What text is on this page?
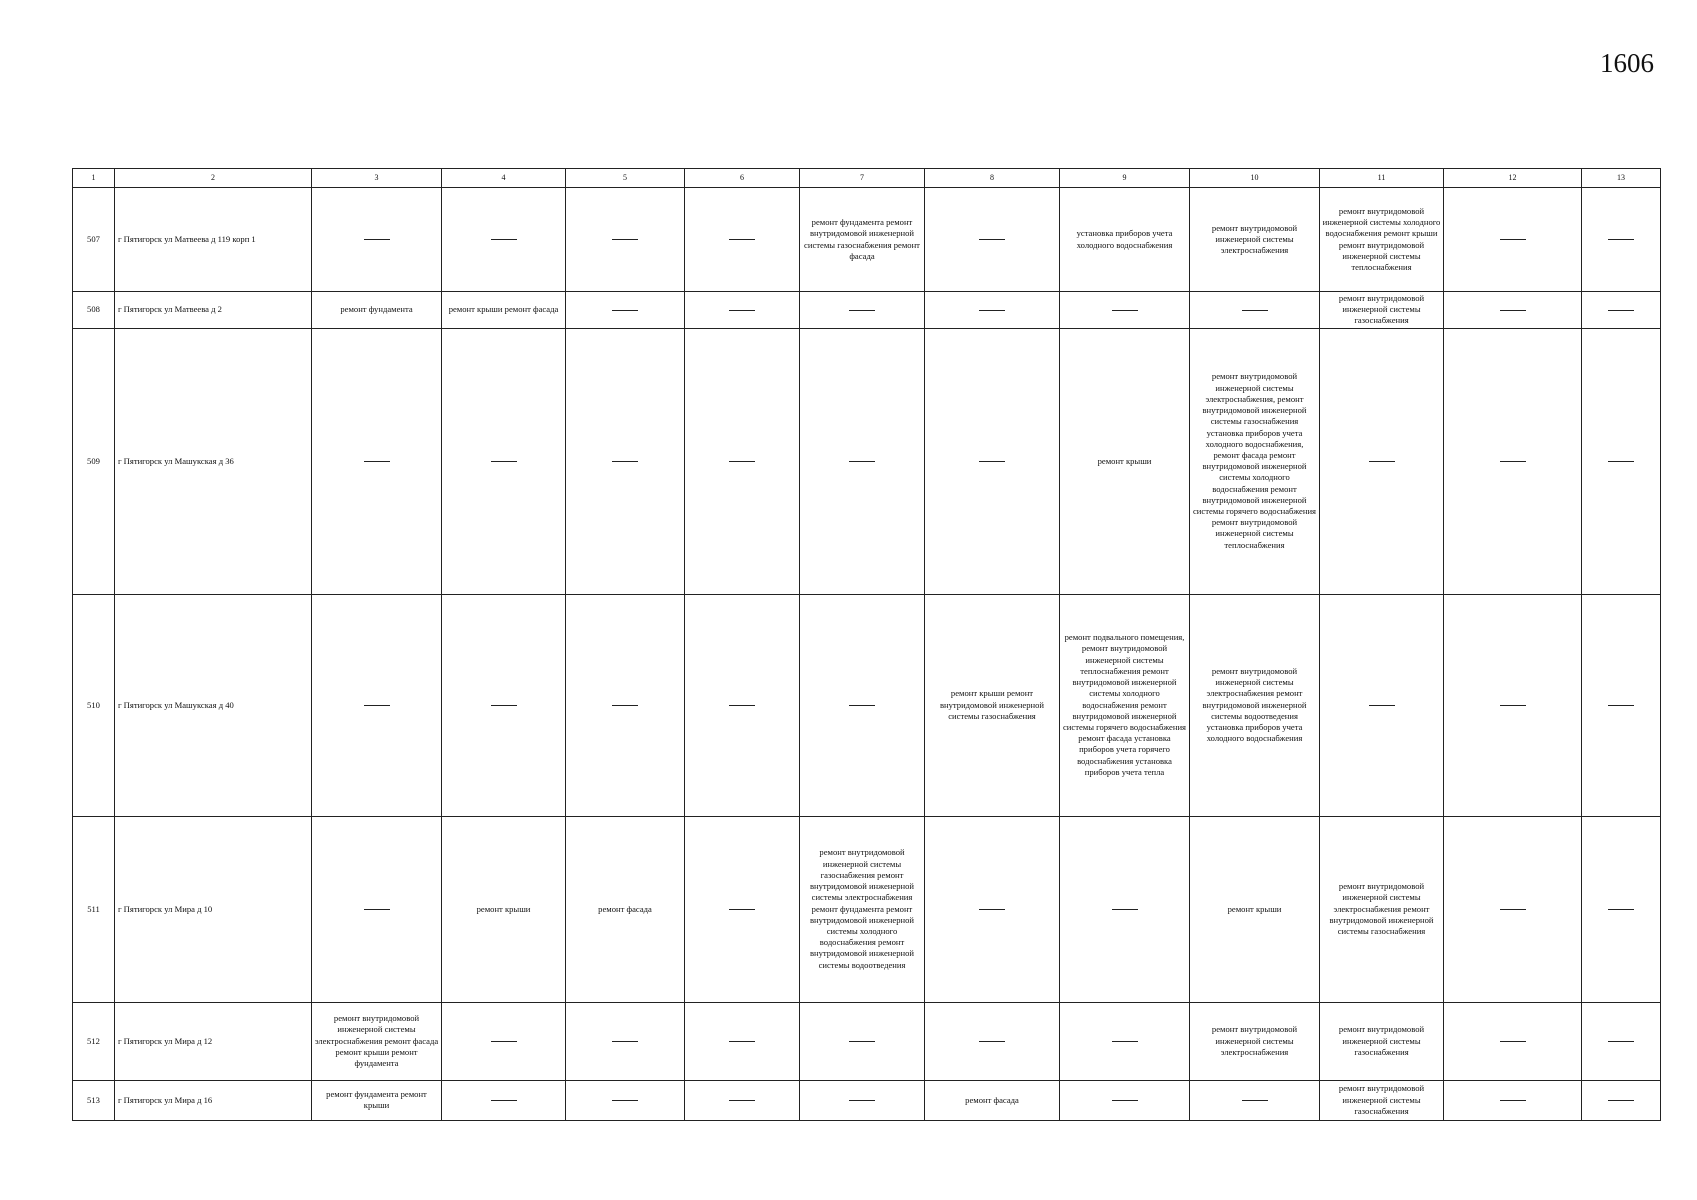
1606
1	2	3	4	5	6	7	8	9	10	11	12	13
507	г Пятигорск ул Матвеева д 119 корп 1					ремонт фундамента ремонт внутридомовой инженерной системы газоснабжения ремонт фасада		установка приборов учета холодного водоснабжения	ремонт внутридомовой инженерной системы электроснабжения	ремонт внутридомовой инженерной системы холодного водоснабжения ремонт крыши ремонт внутридомовой инженерной системы теплоснабжения		
508	г Пятигорск ул Матвеева д 2	ремонт фундамента	ремонт крыши ремонт фасада							ремонт внутридомовой инженерной системы газоснабжения		
509	г Пятигорск ул Машукская д 36							ремонт крыши	ремонт внутридомовой инженерной системы электроснабжения, ремонт внутридомовой инженерной системы газоснабжения установка приборов учета холодного водоснабжения, ремонт фасада ремонт внутридомовой инженерной системы холодного водоснабжения ремонт внутридомовой инженерной системы горячего водоснабжения ремонт внутридомовой инженерной системы теплоснабжения			
510	г Пятигорск ул Машукская д 40						ремонт крыши ремонт внутридомовой инженерной системы газоснабжения	ремонт подвального помещения, ремонт внутридомовой инженерной системы теплоснабжения ремонт внутридомовой инженерной системы холодного водоснабжения ремонт внутридомовой инженерной системы горячего водоснабжения ремонт фасада установка приборов учета горячего водоснабжения установка приборов учета тепла	ремонт внутридомовой инженерной системы электроснабжения ремонт внутридомовой инженерной системы водоотведения установка приборов учета холодного водоснабжения			
511	г Пятигорск ул Мира д 10		ремонт крыши	ремонт фасада		ремонт внутридомовой инженерной системы газоснабжения ремонт внутридомовой инженерной системы электроснабжения ремонт фундамента ремонт внутридомовой инженерной системы холодного водоснабжения ремонт внутридомовой инженерной системы водоотведения			ремонт крыши	ремонт внутридомовой инженерной системы электроснабжения ремонт внутридомовой инженерной системы газоснабжения		
512	г Пятигорск ул Мира д 12	ремонт внутридомовой инженерной системы электроснабжения ремонт фасада ремонт крыши ремонт фундамента							ремонт внутридомовой инженерной системы электроснабжения	ремонт внутридомовой инженерной системы газоснабжения		
513	г Пятигорск ул Мира д 16	ремонт фундамента ремонт крыши					ремонт фасада			ремонт внутридомовой инженерной системы газоснабжения		
